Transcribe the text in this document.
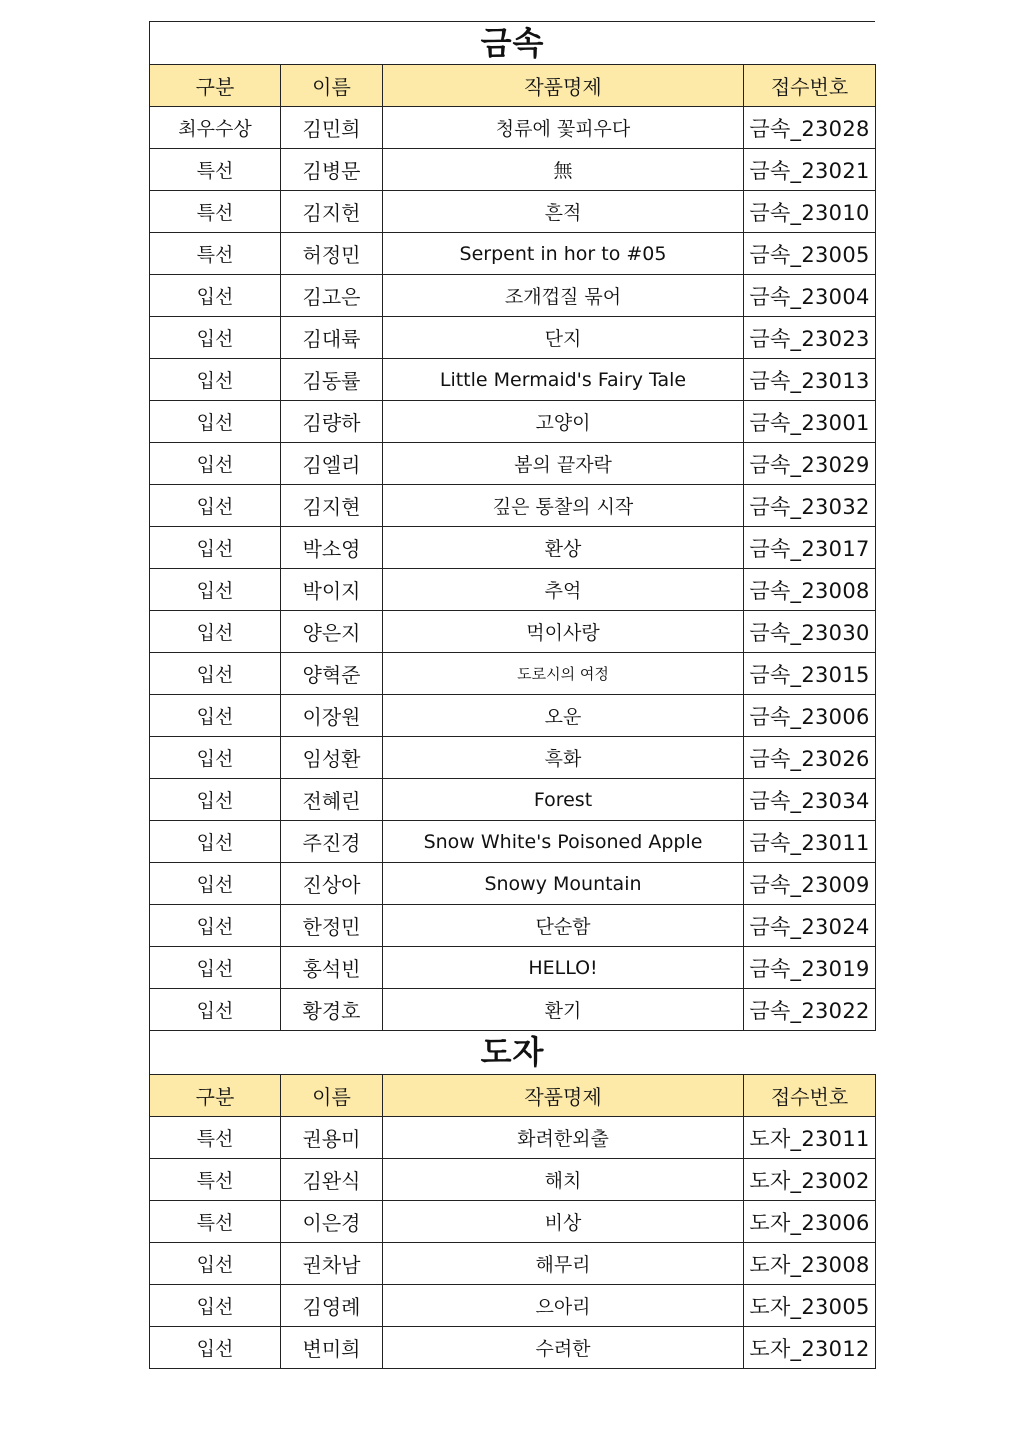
금속
구분	이름	작품명제	접수번호
최우수상	김민희	청류에 꽃피우다	금속_23028
특선	김병문	無	금속_23021
특선	김지헌	흔적	금속_23010
특선	허정민	Serpent in hor to #05	금속_23005
입선	김고은	조개껍질 묶어	금속_23004
입선	김대륙	단지	금속_23023
입선	김동률	Little Mermaid's Fairy Tale	금속_23013
입선	김량하	고양이	금속_23001
입선	김엘리	봄의 끝자락	금속_23029
입선	김지현	깊은 통찰의 시작	금속_23032
입선	박소영	환상	금속_23017
입선	박이지	추억	금속_23008
입선	양은지	먹이사랑	금속_23030
입선	양혁준	도로시의 여정	금속_23015
입선	이장원	오운	금속_23006
입선	임성환	흑화	금속_23026
입선	전혜린	Forest	금속_23034
입선	주진경	Snow White's Poisoned Apple	금속_23011
입선	진상아	Snowy Mountain	금속_23009
입선	한정민	단순함	금속_23024
입선	홍석빈	HELLO!	금속_23019
입선	황경호	환기	금속_23022
도자
구분	이름	작품명제	접수번호
특선	권용미	화려한외출	도자_23011
특선	김완식	해치	도자_23002
특선	이은경	비상	도자_23006
입선	권차남	해무리	도자_23008
입선	김영례	으아리	도자_23005
입선	변미희	수려한	도자_23012
